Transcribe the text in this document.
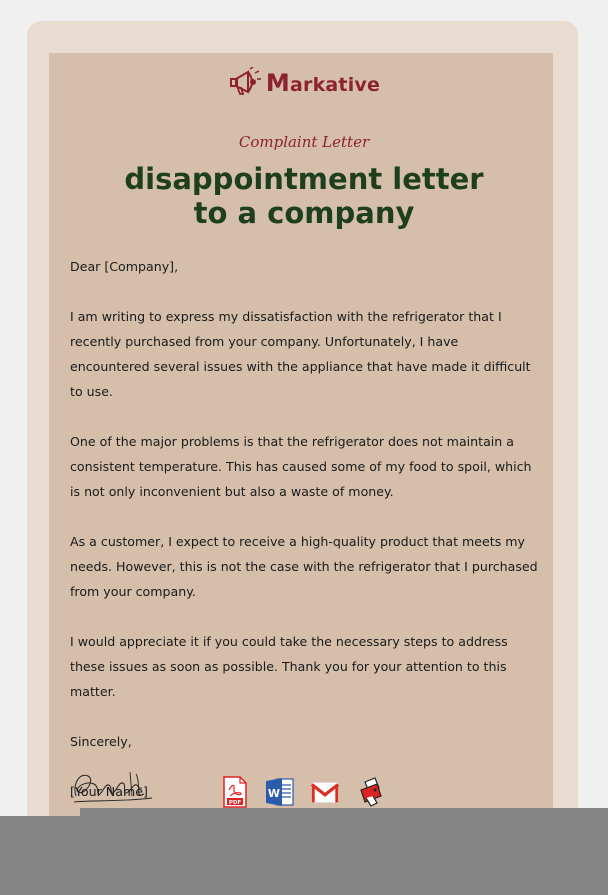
Markative
Complaint Letter
disappointment letter
to a company

Dear [Company],

I am writing to express my dissatisfaction with the refrigerator that I recently purchased from your company. Unfortunately, I have encountered several issues with the appliance that have made it difficult to use.

One of the major problems is that the refrigerator does not maintain a consistent temperature. This has caused some of my food to spoil, which is not only inconvenient but also a waste of money.

As a customer, I expect to receive a high-quality product that meets my needs. However, this is not the case with the refrigerator that I purchased from your company.

I would appreciate it if you could take the necessary steps to address these issues as soon as possible. Thank you for your attention to this matter.

Sincerely,

[Your Name]

PDF
W
